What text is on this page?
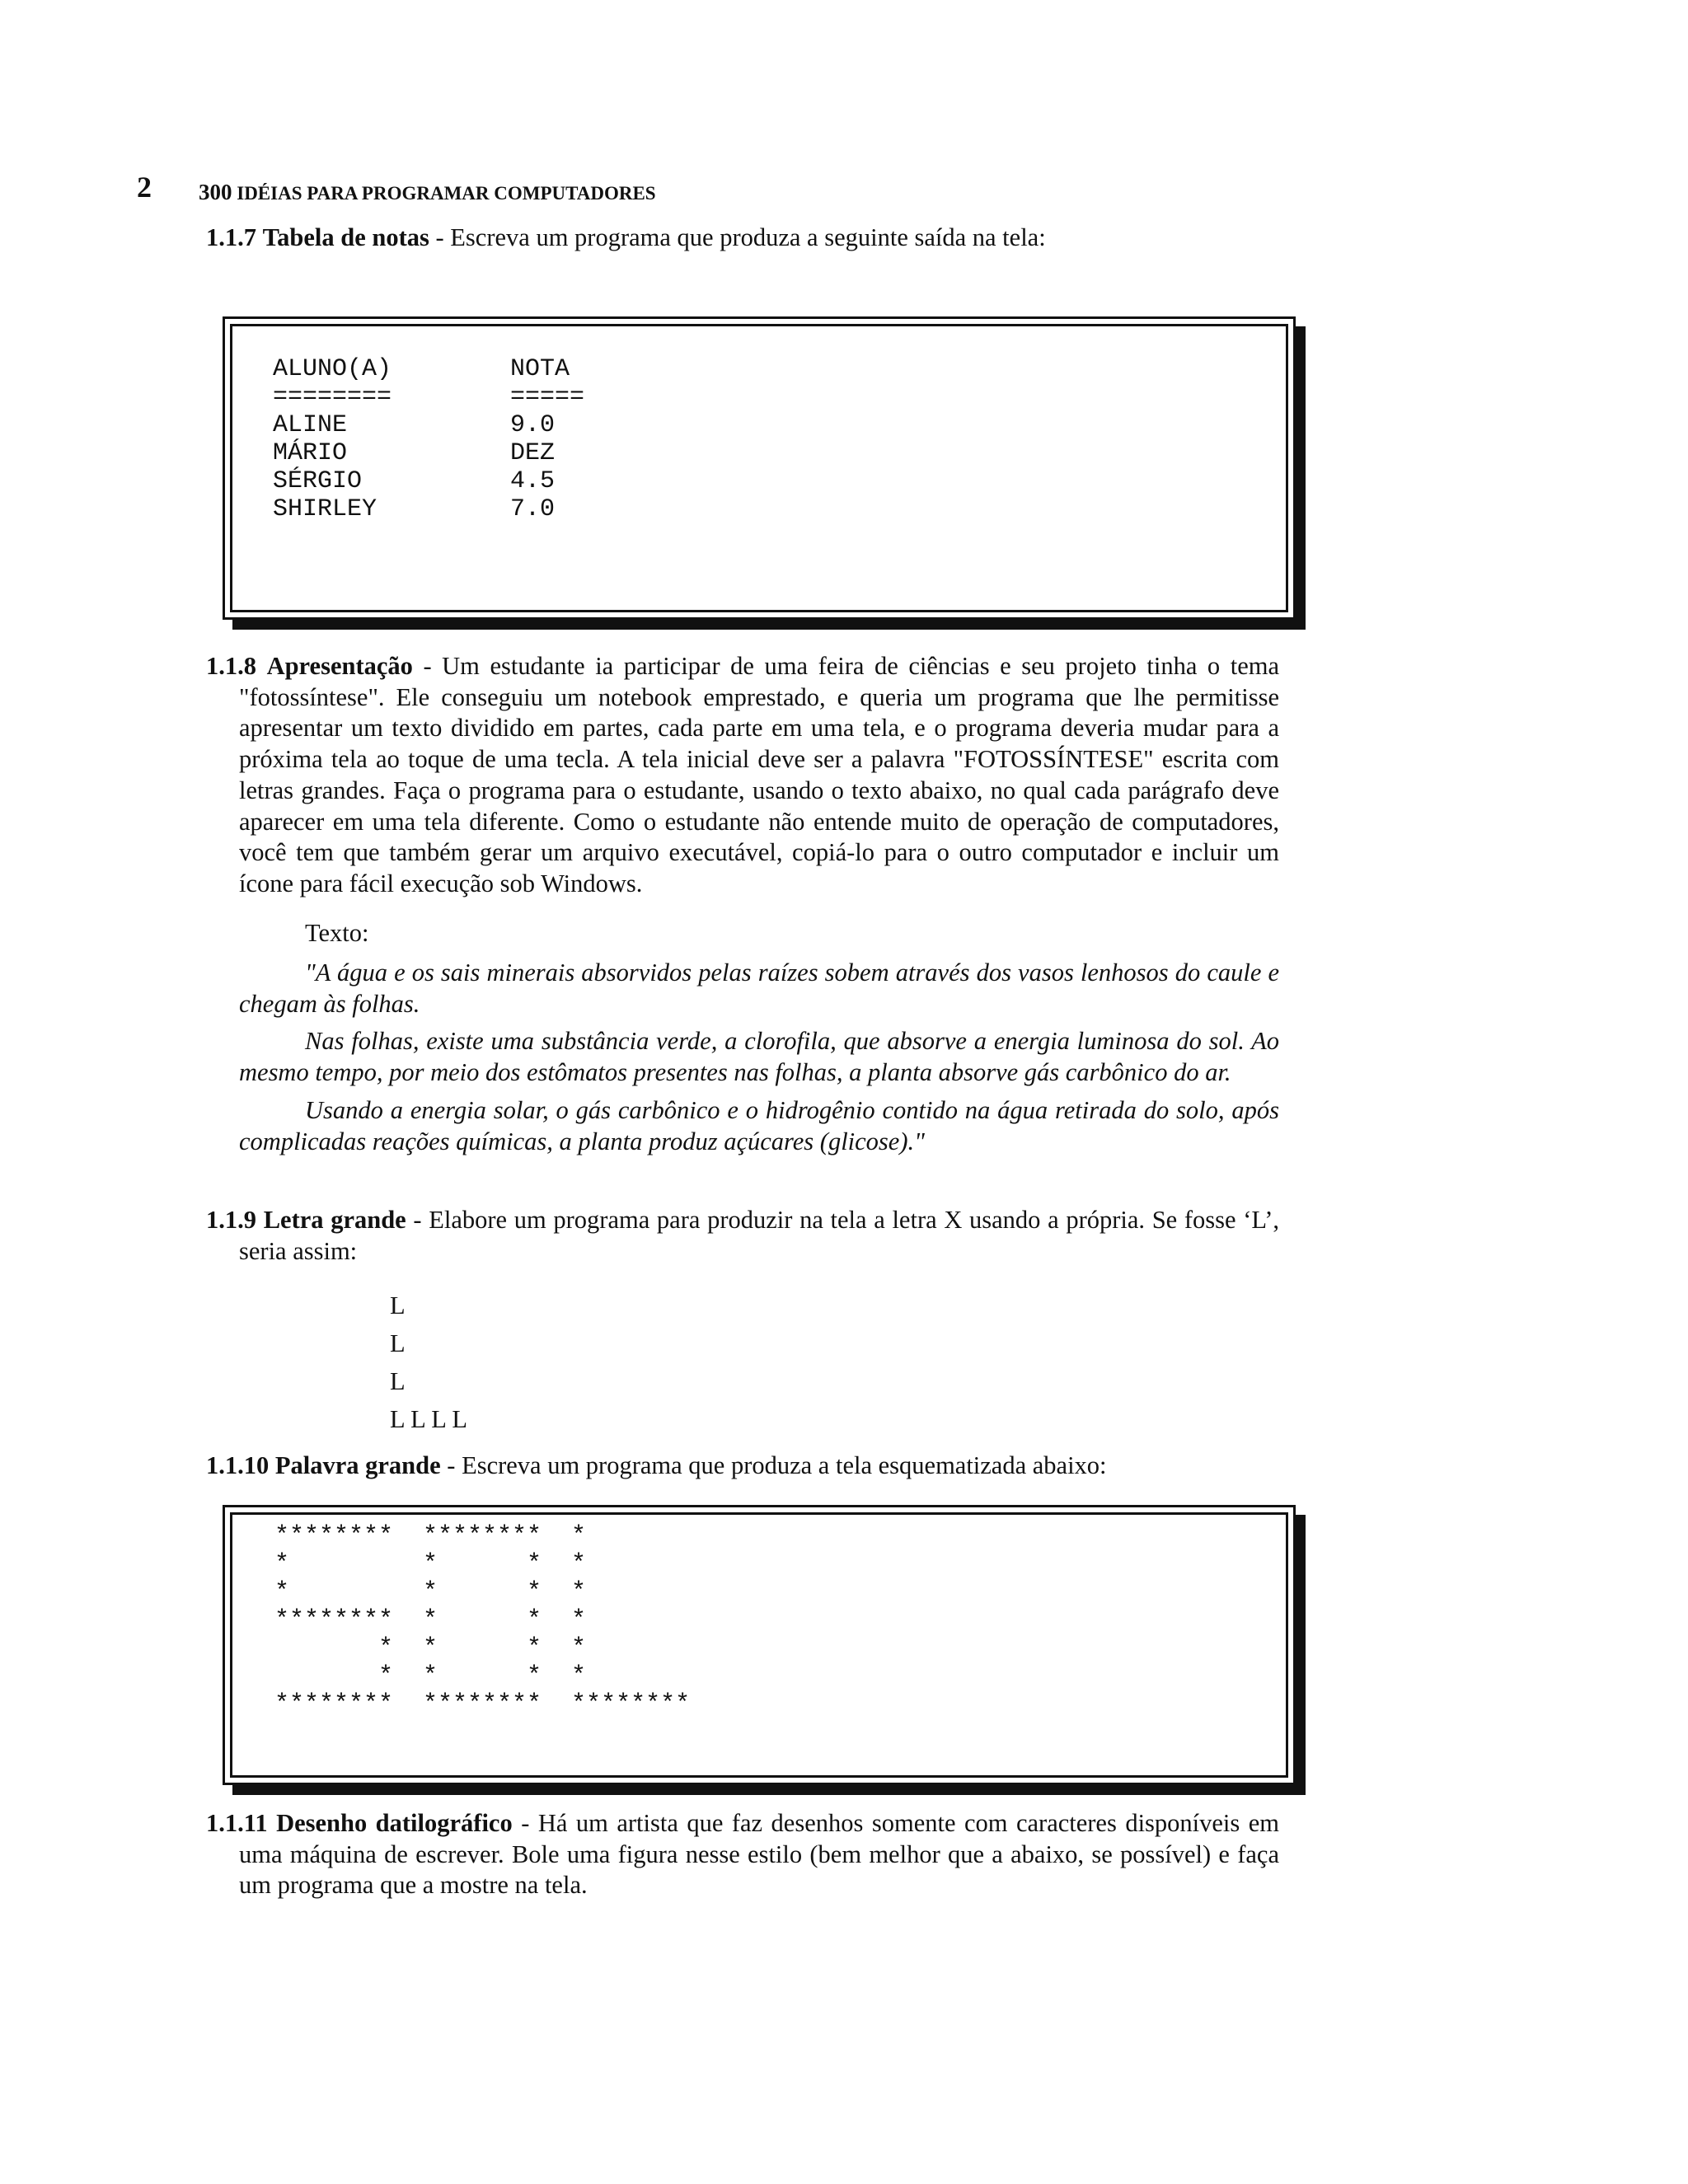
2 300 IDÉIAS PARA PROGRAMAR COMPUTADORES
1.1.7 Tabela de notas - Escreva um programa que produza a seguinte saída na tela:
ALUNO(A)	NOTA
========	=====
ALINE	9.0
MÁRIO	DEZ
SÉRGIO	4.5
SHIRLEY	7.0
1.1.8 Apresentação - Um estudante ia participar de uma feira de ciências e seu projeto tinha o tema "fotossíntese". Ele conseguiu um notebook emprestado, e queria um programa que lhe permitisse apresentar um texto dividido em partes, cada parte em uma tela, e o programa deveria mudar para a próxima tela ao toque de uma tecla. A tela inicial deve ser a palavra "FOTOSSÍNTESE" escrita com letras grandes. Faça o programa para o estudante, usando o texto abaixo, no qual cada parágrafo deve aparecer em uma tela diferente. Como o estudante não entende muito de operação de computadores, você tem que também gerar um arquivo executável, copiá-lo para o outro computador e incluir um ícone para fácil execução sob Windows.
Texto:

"A água e os sais minerais absorvidos pelas raízes sobem através dos vasos lenhosos do caule e chegam às folhas.

Nas folhas, existe uma substância verde, a clorofila, que absorve a energia luminosa do sol. Ao mesmo tempo, por meio dos estômatos presentes nas folhas, a planta absorve gás carbônico do ar.

Usando a energia solar, o gás carbônico e o hidrogênio contido na água retirada do solo, após complicadas reações químicas, a planta produz açúcares (glicose)."

1.1.9 Letra grande - Elabore um programa para produzir na tela a letra X usando a própria. Se fosse ‘L’, seria assim:
L
L
L
L L L L
1.1.10 Palavra grande - Escreva um programa que produza a tela esquematizada abaixo:
********  ********  *
*         *      *  *
*         *      *  *
********  *      *  *
*  *      *  *
*  *      *  *
********  ********  ********
1.1.11 Desenho datilográfico - Há um artista que faz desenhos somente com caracteres disponíveis em uma máquina de escrever. Bole uma figura nesse estilo (bem melhor que a abaixo, se possível) e faça um programa que a mostre na tela.
